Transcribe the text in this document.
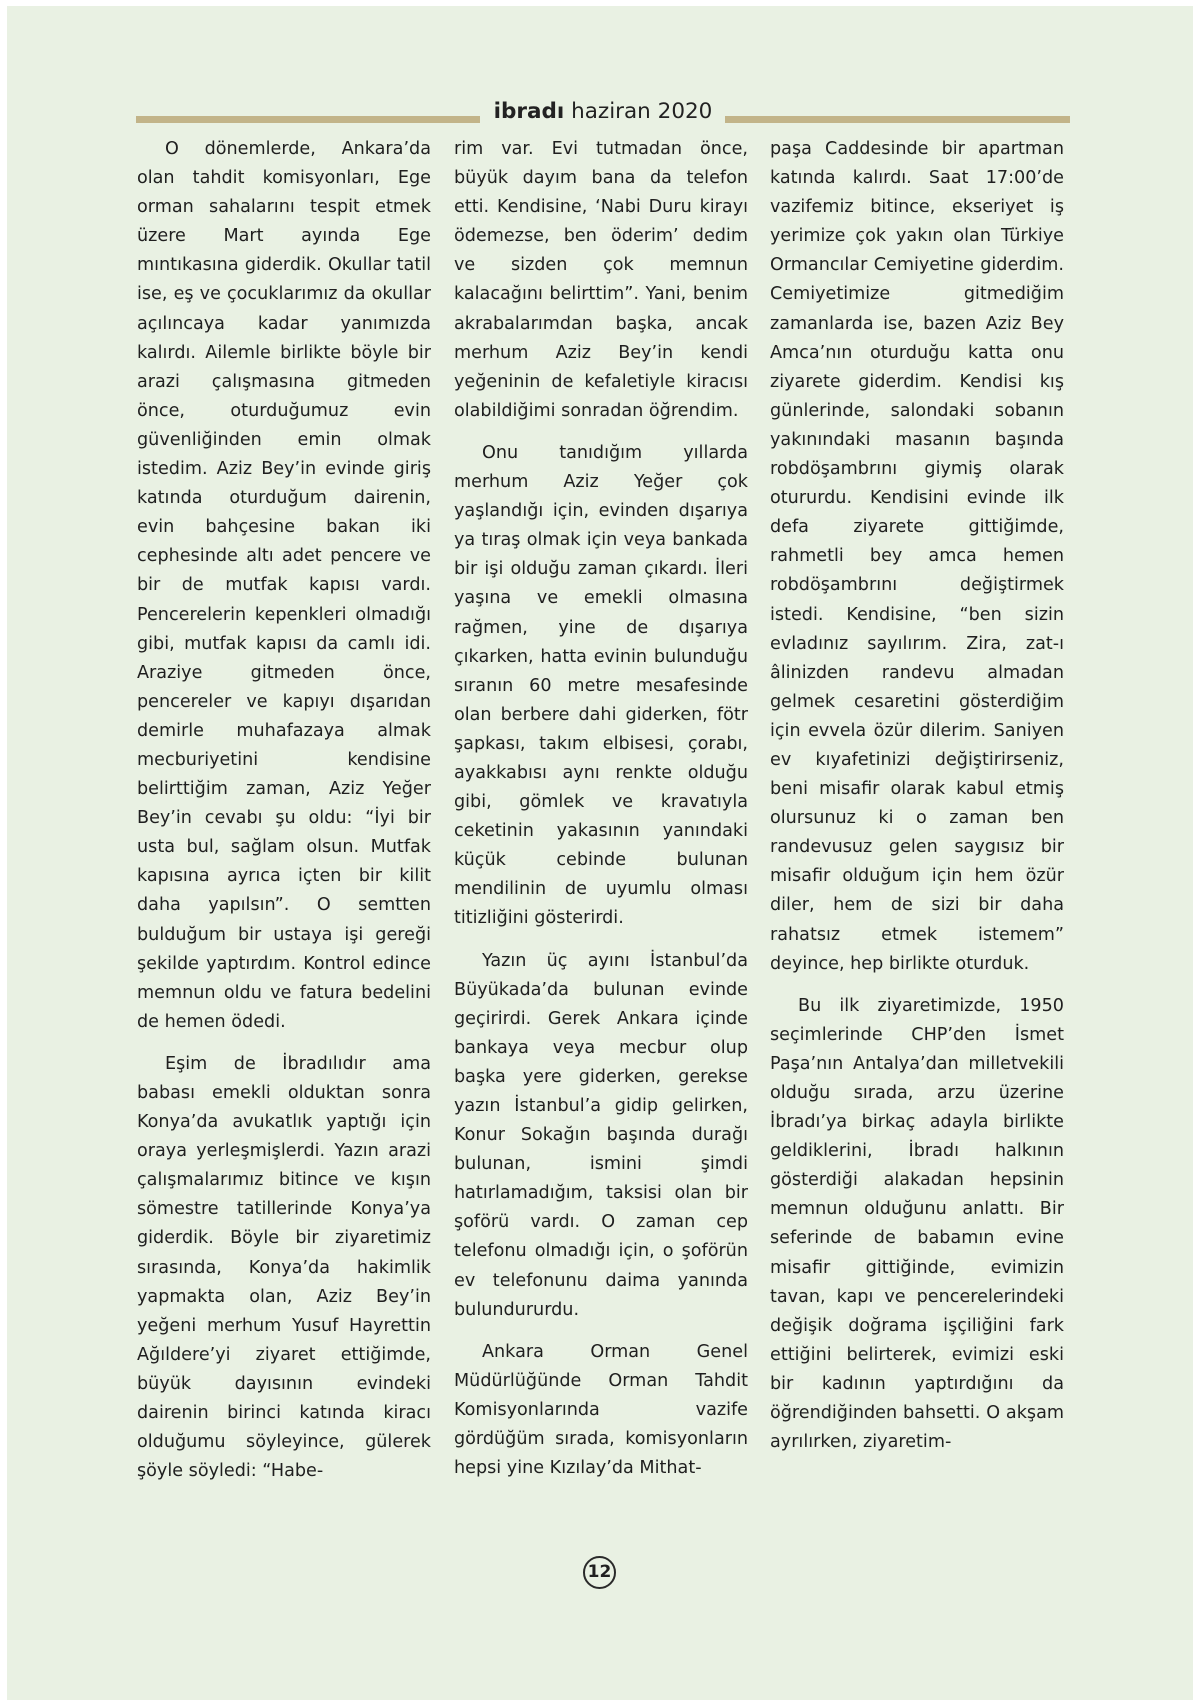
ibradı haziran 2020

O dönemlerde, Ankara’da olan tahdit komisyonları, Ege orman sahalarını tespit etmek üzere Mart ayında Ege mıntıkasına giderdik. Okullar tatil ise, eş ve çocuklarımız da okullar açılıncaya kadar yanımızda kalırdı. Ailemle birlikte böyle bir arazi çalışmasına gitmeden önce, oturduğumuz evin güvenliğinden emin olmak istedim. Aziz Bey’in evinde giriş katında oturduğum dairenin, evin bahçesine bakan iki cephesinde altı adet pencere ve bir de mutfak kapısı vardı. Pencerelerin kepenkleri olmadığı gibi, mutfak kapısı da camlı idi. Araziye gitmeden önce, pencereler ve kapıyı dışarıdan demirle muhafazaya almak mecburiyetini kendisine belirttiğim zaman, Aziz Yeğer Bey’in cevabı şu oldu: “İyi bir usta bul, sağlam olsun. Mutfak kapısına ayrıca içten bir kilit daha yapılsın”. O semtten bulduğum bir ustaya işi gereği şekilde yaptırdım. Kontrol edince memnun oldu ve fatura bedelini de hemen ödedi.

Eşim de İbradılıdır ama babası emekli olduktan sonra Konya’da avukatlık yaptığı için oraya yerleşmişlerdi. Yazın arazi çalışmalarımız bitince ve kışın sömestre tatillerinde Konya’ya giderdik. Böyle bir ziyaretimiz sırasında, Konya’da hakimlik yapmakta olan, Aziz Bey’in yeğeni merhum Yusuf Hayrettin Ağıldere’yi ziyaret ettiğimde, büyük dayısının evindeki dairenin birinci katında kiracı olduğumu söyleyince, gülerek şöyle söyledi: “Habe-

rim var. Evi tutmadan önce, büyük dayım bana da telefon etti. Kendisine, ‘Nabi Duru kirayı ödemezse, ben öderim’ dedim ve sizden çok memnun kalacağını belirttim”. Yani, benim akrabalarımdan başka, ancak merhum Aziz Bey’in kendi yeğeninin de kefaletiyle kiracısı olabildiğimi sonradan öğrendim.

Onu tanıdığım yıllarda merhum Aziz Yeğer çok yaşlandığı için, evinden dışarıya ya tıraş olmak için veya bankada bir işi olduğu zaman çıkardı. İleri yaşına ve emekli olmasına rağmen, yine de dışarıya çıkarken, hatta evinin bulunduğu sıranın 60 metre mesafesinde olan berbere dahi giderken, fötr şapkası, takım elbisesi, çorabı, ayakkabısı aynı renkte olduğu gibi, gömlek ve kravatıyla ceketinin yakasının yanındaki küçük cebinde bulunan mendilinin de uyumlu olması titizliğini gösterirdi.

Yazın üç ayını İstanbul’da Büyükada’da bulunan evinde geçirirdi. Gerek Ankara içinde bankaya veya mecbur olup başka yere giderken, gerekse yazın İstanbul’a gidip gelirken, Konur Sokağın başında durağı bulunan, ismini şimdi hatırlamadığım, taksisi olan bir şoförü vardı. O zaman cep telefonu olmadığı için, o şoförün ev telefonunu daima yanında bulundururdu.

Ankara Orman Genel Müdürlüğünde Orman Tahdit Komisyonlarında vazife gördüğüm sırada, komisyonların hepsi yine Kızılay’da Mithat-

paşa Caddesinde bir apartman katında kalırdı. Saat 17:00’de vazifemiz bitince, ekseriyet iş yerimize çok yakın olan Türkiye Ormancılar Cemiyetine giderdim. Cemiyetimize gitmediğim zamanlarda ise, bazen Aziz Bey Amca’nın oturduğu katta onu ziyarete giderdim. Kendisi kış günlerinde, salondaki sobanın yakınındaki masanın başında robdöşambrını giymiş olarak otururdu. Kendisini evinde ilk defa ziyarete gittiğimde, rahmetli bey amca hemen robdöşambrını değiştirmek istedi. Kendisine, “ben sizin evladınız sayılırım. Zira, zat-ı âlinizden randevu almadan gelmek cesaretini gösterdiğim için evvela özür dilerim. Saniyen ev kıyafetinizi değiştirirseniz, beni misafir olarak kabul etmiş olursunuz ki o zaman ben randevusuz gelen saygısız bir misafir olduğum için hem özür diler, hem de sizi bir daha rahatsız etmek istemem” deyince, hep birlikte oturduk.

Bu ilk ziyaretimizde, 1950 seçimlerinde CHP’den İsmet Paşa’nın Antalya’dan milletvekili olduğu sırada, arzu üzerine İbradı’ya birkaç adayla birlikte geldiklerini, İbradı halkının gösterdiği alakadan hepsinin memnun olduğunu anlattı. Bir seferinde de babamın evine misafir gittiğinde, evimizin tavan, kapı ve pencerelerindeki değişik doğrama işçiliğini fark ettiğini belirterek, evimizi eski bir kadının yaptırdığını da öğrendiğinden bahsetti. O akşam ayrılırken, ziyaretim-

12
